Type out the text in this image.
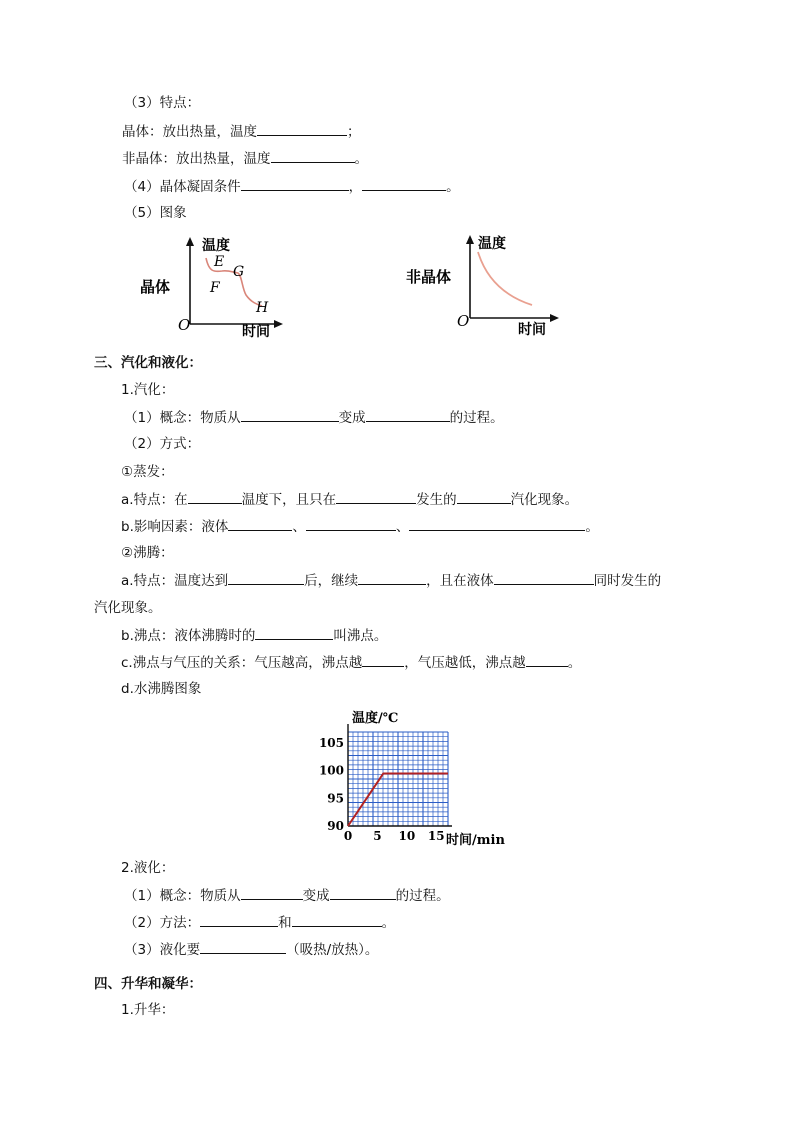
（3）特点：
晶体：放出热量，温度	；
非晶体：放出热量，温度	。
（4）晶体凝固条件	，	。
（5）图象
晶体
温度
时间
O
E
F
G
H
非晶体
温度
时间
O
三、汽化和液化：
1.汽化：
（1）概念：物质从	变成	的过程。
（2）方式：
①蒸发：
a.特点：在	温度下，且只在	发生的	汽化现象。
b.影响因素：液体	、	、	。
②沸腾：
a.特点：温度达到	后，继续	，且在液体	同时发生的
汽化现象。
b.沸点：液体沸腾时的	叫沸点。
c.沸点与气压的关系：气压越高，沸点越	，气压越低，沸点越	。
d.水沸腾图象
0 5 10 15
90
95
100
105
温度/℃
时间/min
2.液化：
（1）概念：物质从	变成	的过程。
（2）方法：	和	。
（3）液化要	（吸热/放热）。
四、升华和凝华：
1.升华：
